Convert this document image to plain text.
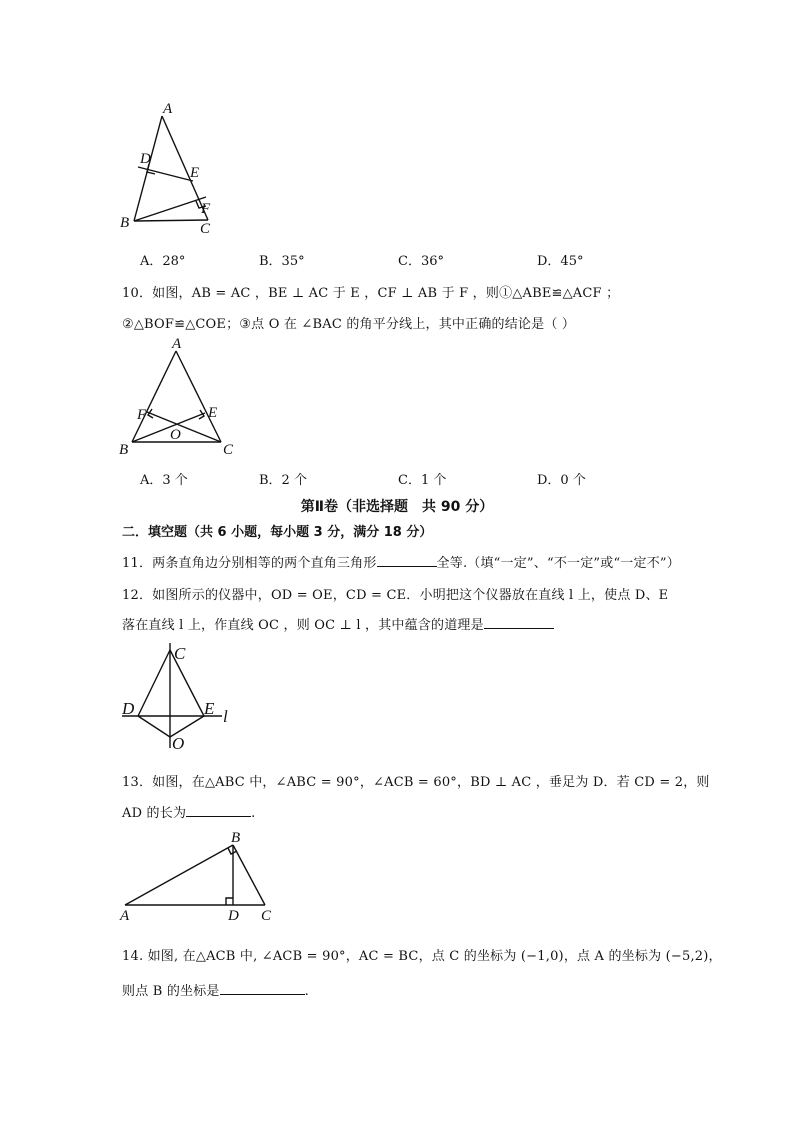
A
D
E
F
B	C
A．28°	B．35°	C．36°	D．45°
10．如图，AB = AC ，BE ⊥ AC 于 E ，CF ⊥ AB 于 F ，则①△ABE≌△ACF ；
②△BOF≌△COE；③点 O 在 ∠BAC 的角平分线上，其中正确的结论是（ ）
A
F	E
O
B	C
A．3 个	B．2 个	C．1 个	D．0 个
第Ⅱ卷（非选择题　共 90 分）
二．填空题（共 6 小题，每小题 3 分，满分 18 分）
11．两条直角边分别相等的两个直角三角形	全等.（填“一定”、“不一定”或“一定不”）
12．如图所示的仪器中，OD = OE，CD = CE．小明把这个仪器放在直线 l 上，使点 D、E
落在直线 l 上，作直线 OC ，则 OC ⊥ l ，其中蕴含的道理是
C
D	E l
O
13．如图，在△ABC 中，∠ABC = 90°，∠ACB = 60°，BD ⊥ AC ，垂足为 D．若 CD = 2，则
AD 的长为	.
B
A	D C
14. 如图, 在△ACB 中, ∠ACB = 90°，AC = BC，点 C 的坐标为 (−1,0)，点 A 的坐标为 (−5,2)，
则点 B 的坐标是	.
